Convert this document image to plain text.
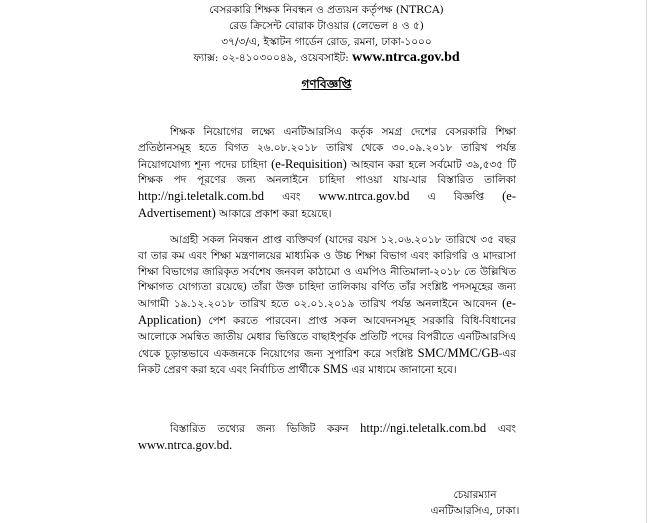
বেসরকারি শিক্ষক নিবন্ধন ও প্রত্যয়ন কর্তৃপক্ষ (NTRCA)
রেড ক্রিসেন্ট বোরাক টাওয়ার (লেভেল ৪ ও ৫)
৩৭/৩/এ, ইস্কাটন গার্ডেন রোড, রমনা, ঢাকা-১০০০
ফ্যাক্স: ০২-৪১০৩০০৪৯, ওয়েবসাইট: www.ntrca.gov.bd
গণবিজ্ঞপ্তি
শিক্ষক নিয়োগের লক্ষ্যে এনটিআরসিএ কর্তৃক সমগ্র দেশের বেসরকারি শিক্ষা প্রতিষ্ঠানসমূহ হতে বিগত ২৬.০৮.২০১৮ তারিখ থেকে ৩০.০৯.২০১৮ তারিখ পর্যন্ত নিয়োগযোগ্য শূন্য পদের চাহিদা (e-Requisition) আহবান করা হলে সর্বমোট ৩৯,৫৩৫ টি শিক্ষক পদ পূরণের জন্য অনলাইনে চাহিদা পাওয়া যায়-যার বিস্তারিত তালিকা http://ngi.teletalk.com.bd এবং www.ntrca.gov.bd এ বিজ্ঞপ্তি (e-Advertisement) আকারে প্রকাশ করা হয়েছে।
আগ্রহী সকল নিবন্ধন প্রাপ্ত ব্যক্তিবর্গ (যাদের বয়স ১২.০৬.২০১৮ তারিখে ৩৫ বছর বা তার কম এবং শিক্ষা মন্ত্রণালয়ের মাধ্যমিক ও উচ্চ শিক্ষা বিভাগ এবং কারিগরি ও মাদরাসা শিক্ষা বিভাগের জারিকৃত সর্বশেষ জনবল কাঠামো ও এমপিও নীতিমালা-২০১৮ তে উল্লিখিত শিক্ষাগত যোগ্যতা রয়েছে) তাঁরা উক্ত চাহিদা তালিকায় বর্ণিত তাঁর সংশ্লিষ্ট পদসমূহের জন্য আগামী ১৯.১২.২০১৮ তারিখ হতে ০২.০১.২০১৯ তারিখ পর্যন্ত অনলাইনে আবেদন (e-Application) পেশ করতে পারবেন। প্রাপ্ত সকল আবেদনসমূহ সরকারি বিধি-বিধানের আলোকে সমন্বিত জাতীয় মেধার ভিত্তিতে বাছাইপূর্বক প্রতিটি পদের বিপরীতে এনটিআরসিএ থেকে চূড়ান্তভাবে একজনকে নিয়োগের জন্য সুপারিশ করে সংশ্লিষ্ট SMC/MMC/GB-এর নিকট প্রেরণ করা হবে এবং নির্বাচিত প্রার্থীকে SMS এর মাধ্যমে জানানো হবে।
বিস্তারিত তথ্যের জন্য ভিজিট করুন http://ngi.teletalk.com.bd এবং www.ntrca.gov.bd.
চেয়ারম্যান
এনটিআরসিএ, ঢাকা।
